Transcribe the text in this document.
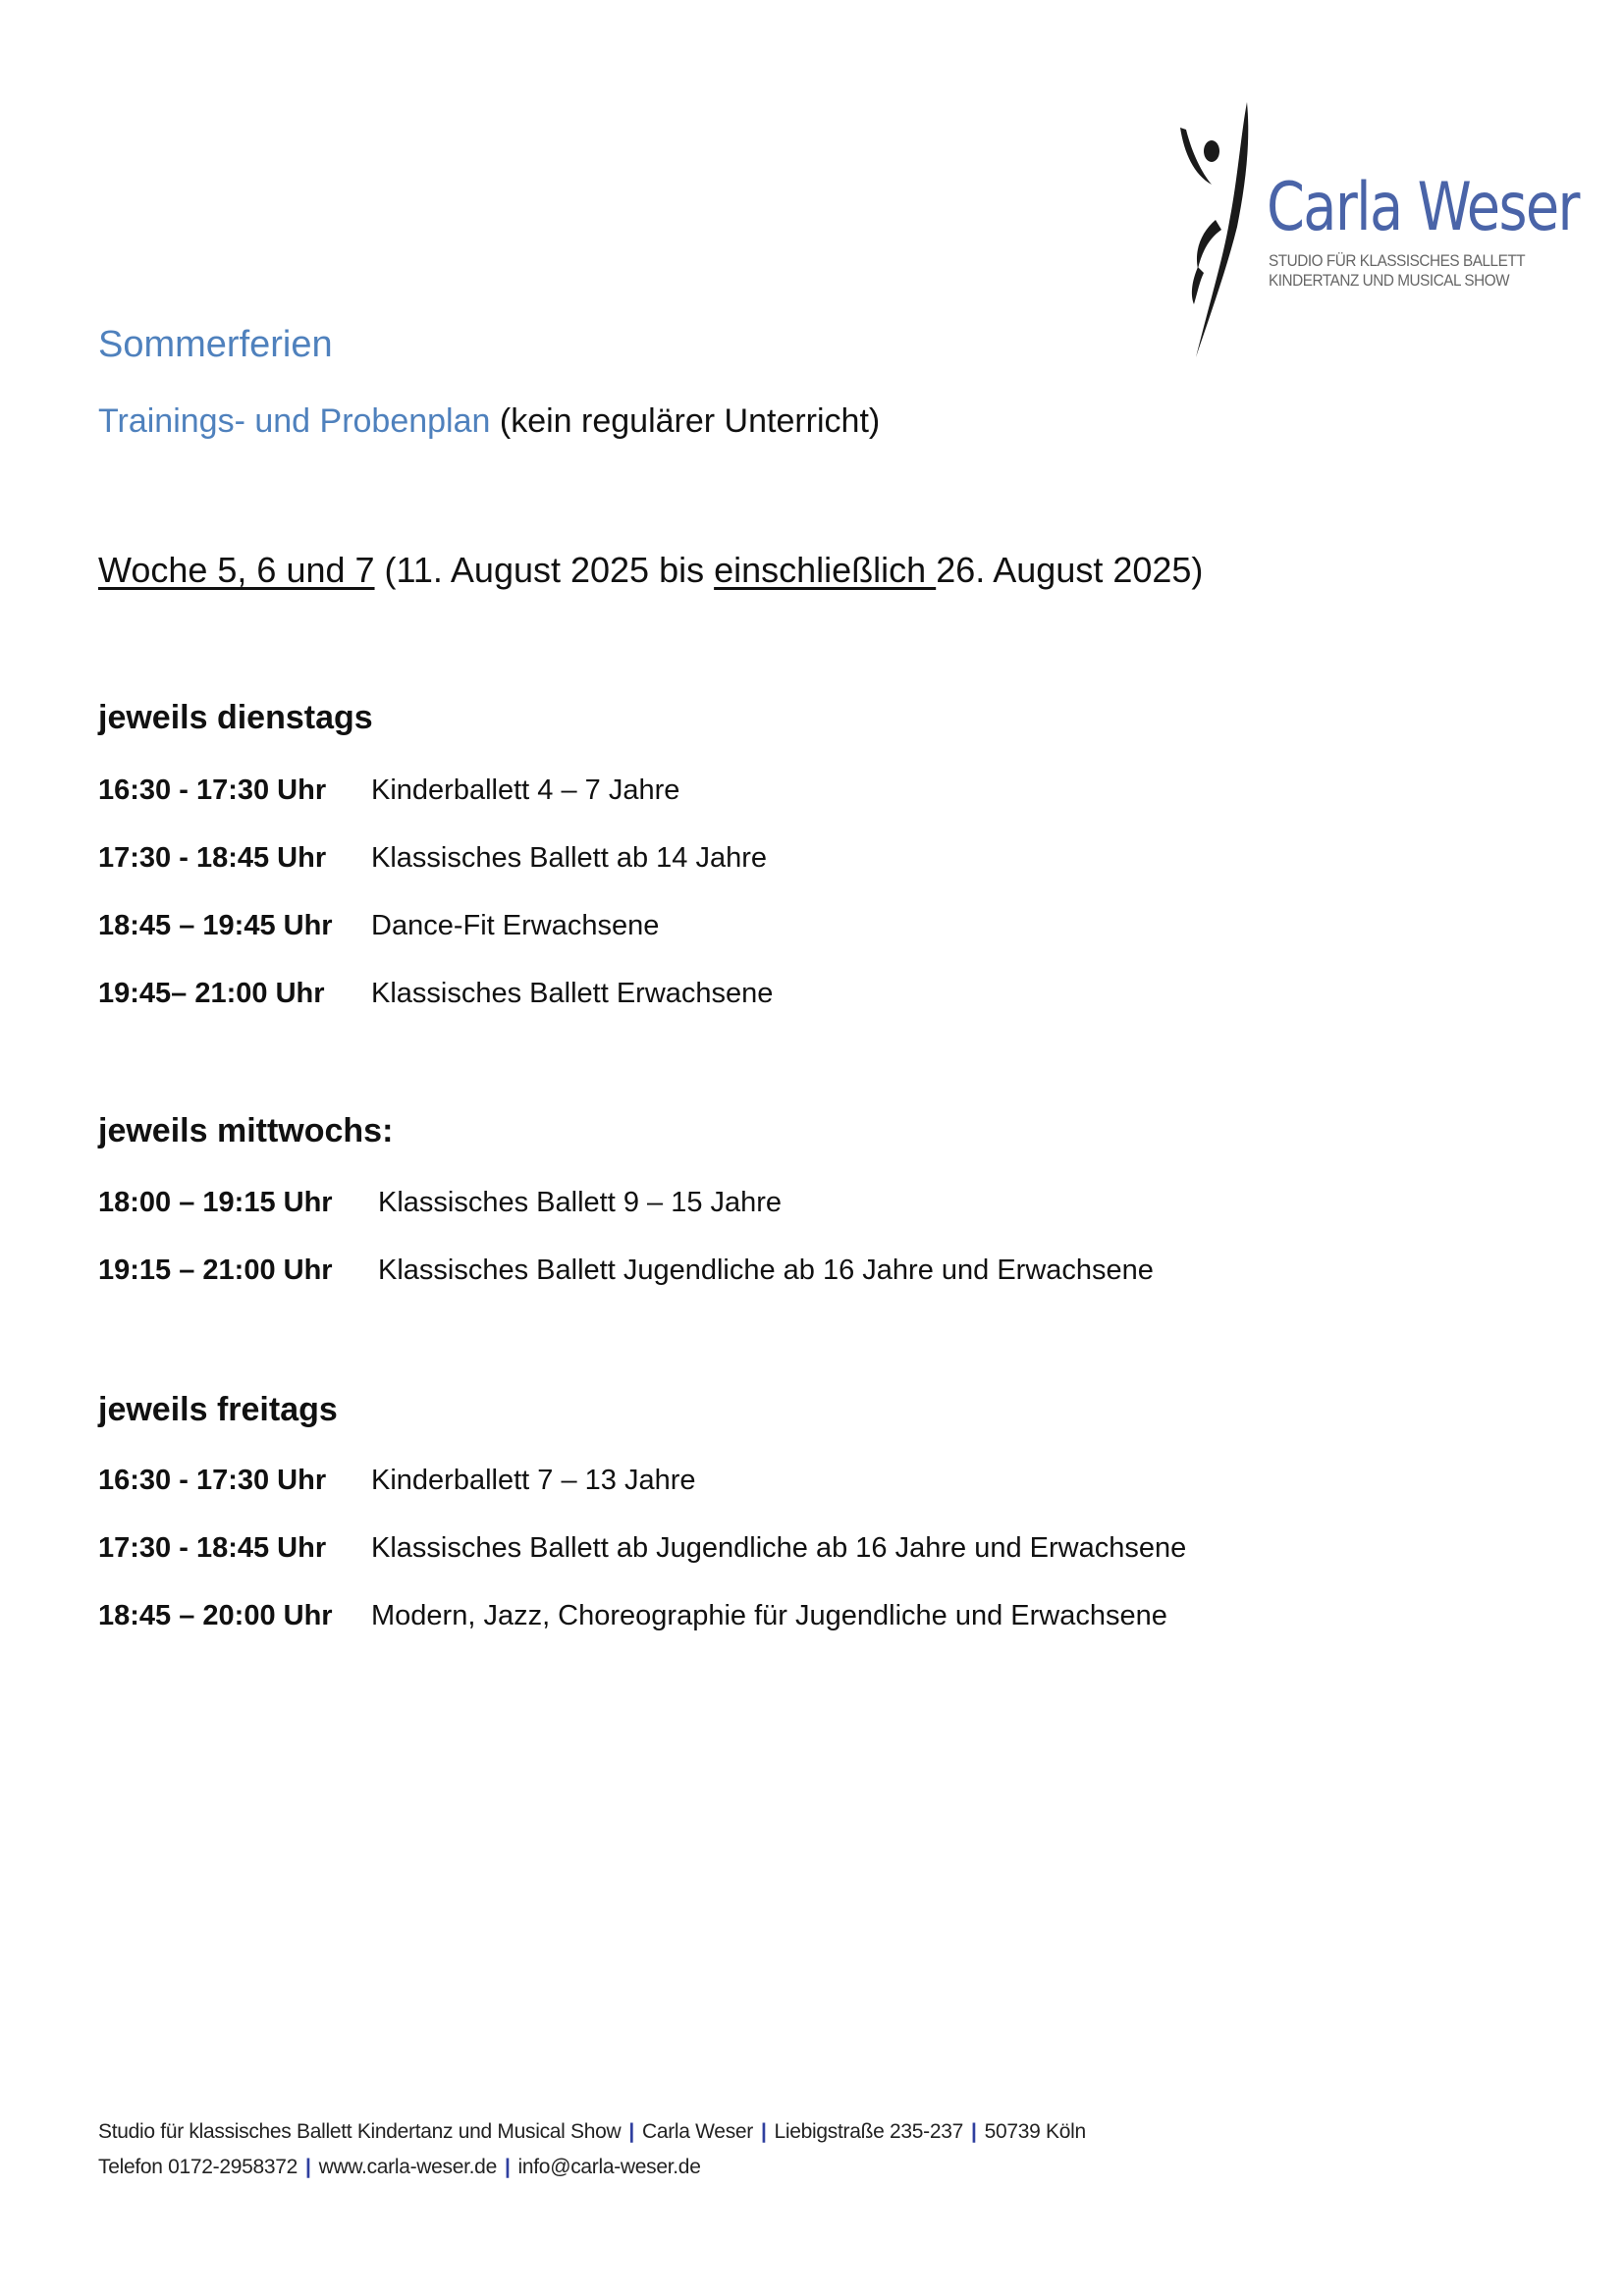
Carla Weser
STUDIO FÜR KLASSISCHES BALLETT
KINDERTANZ UND MUSICAL SHOW
Sommerferien
Trainings- und Probenplan (kein regulärer Unterricht)
Woche 5, 6 und 7 (11. August 2025 bis einschließlich 26. August 2025)
jeweils dienstags
16:30 - 17:30 Uhr Kinderballett 4 – 7 Jahre
17:30 - 18:45 Uhr Klassisches Ballett ab 14 Jahre
18:45 – 19:45 Uhr Dance-Fit Erwachsene
19:45– 21:00 Uhr Klassisches Ballett Erwachsene
jeweils mittwochs:
18:00 – 19:15 Uhr Klassisches Ballett 9 – 15 Jahre
19:15 – 21:00 Uhr Klassisches Ballett Jugendliche ab 16 Jahre und Erwachsene
jeweils freitags
16:30 - 17:30 Uhr Kinderballett 7 – 13 Jahre
17:30 - 18:45 Uhr Klassisches Ballett ab Jugendliche ab 16 Jahre und Erwachsene
18:45 – 20:00 Uhr Modern, Jazz, Choreographie für Jugendliche und Erwachsene
Studio für klassisches Ballett Kindertanz und Musical Show | Carla Weser | Liebigstraße 235-237 | 50739 Köln
Telefon 0172-2958372 | www.carla-weser.de | info@carla-weser.de
